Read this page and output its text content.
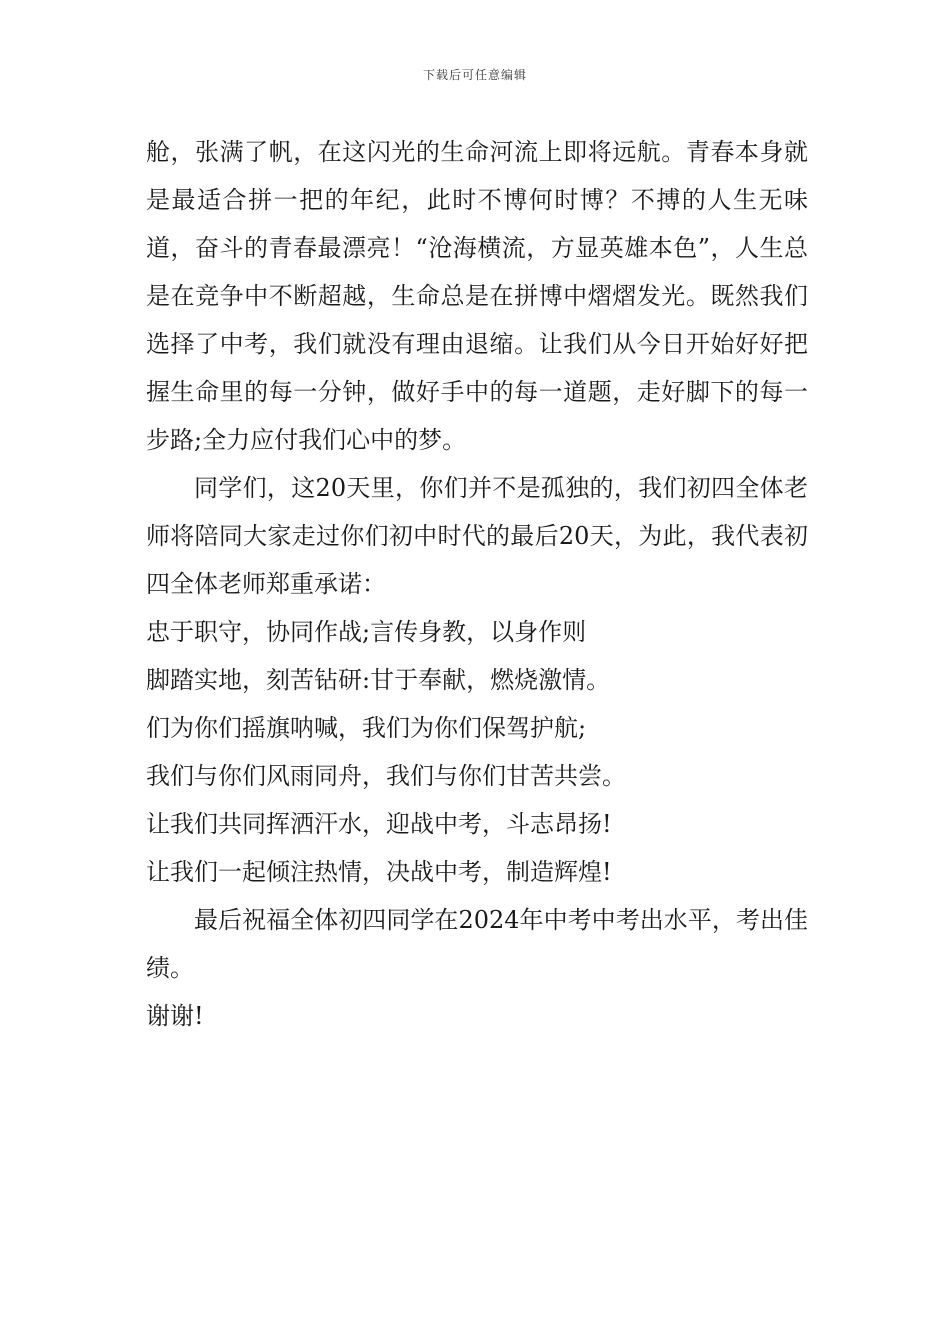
下载后可任意编辑

舱，张满了帆，在这闪光的生命河流上即将远航。青春本身就是最适合拼一把的年纪，此时不博何时博？不搏的人生无味道，奋斗的青春最漂亮！“沧海横流，方显英雄本色”，人生总是在竞争中不断超越，生命总是在拼博中熠熠发光。既然我们选择了中考，我们就没有理由退缩。让我们从今日开始好好把握生命里的每一分钟，做好手中的每一道题，走好脚下的每一步路;全力应付我们心中的梦。

同学们，这20天里，你们并不是孤独的，我们初四全体老师将陪同大家走过你们初中时代的最后20天，为此，我代表初四全体老师郑重承诺：

忠于职守，协同作战;言传身教，以身作则

脚踏实地，刻苦钻研:甘于奉献，燃烧激情。

们为你们摇旗呐喊，我们为你们保驾护航;

我们与你们风雨同舟，我们与你们甘苦共尝。

让我们共同挥洒汗水，迎战中考，斗志昂扬!

让我们一起倾注热情，决战中考，制造辉煌!

最后祝福全体初四同学在2024年中考中考出水平，考出佳绩。

谢谢!
